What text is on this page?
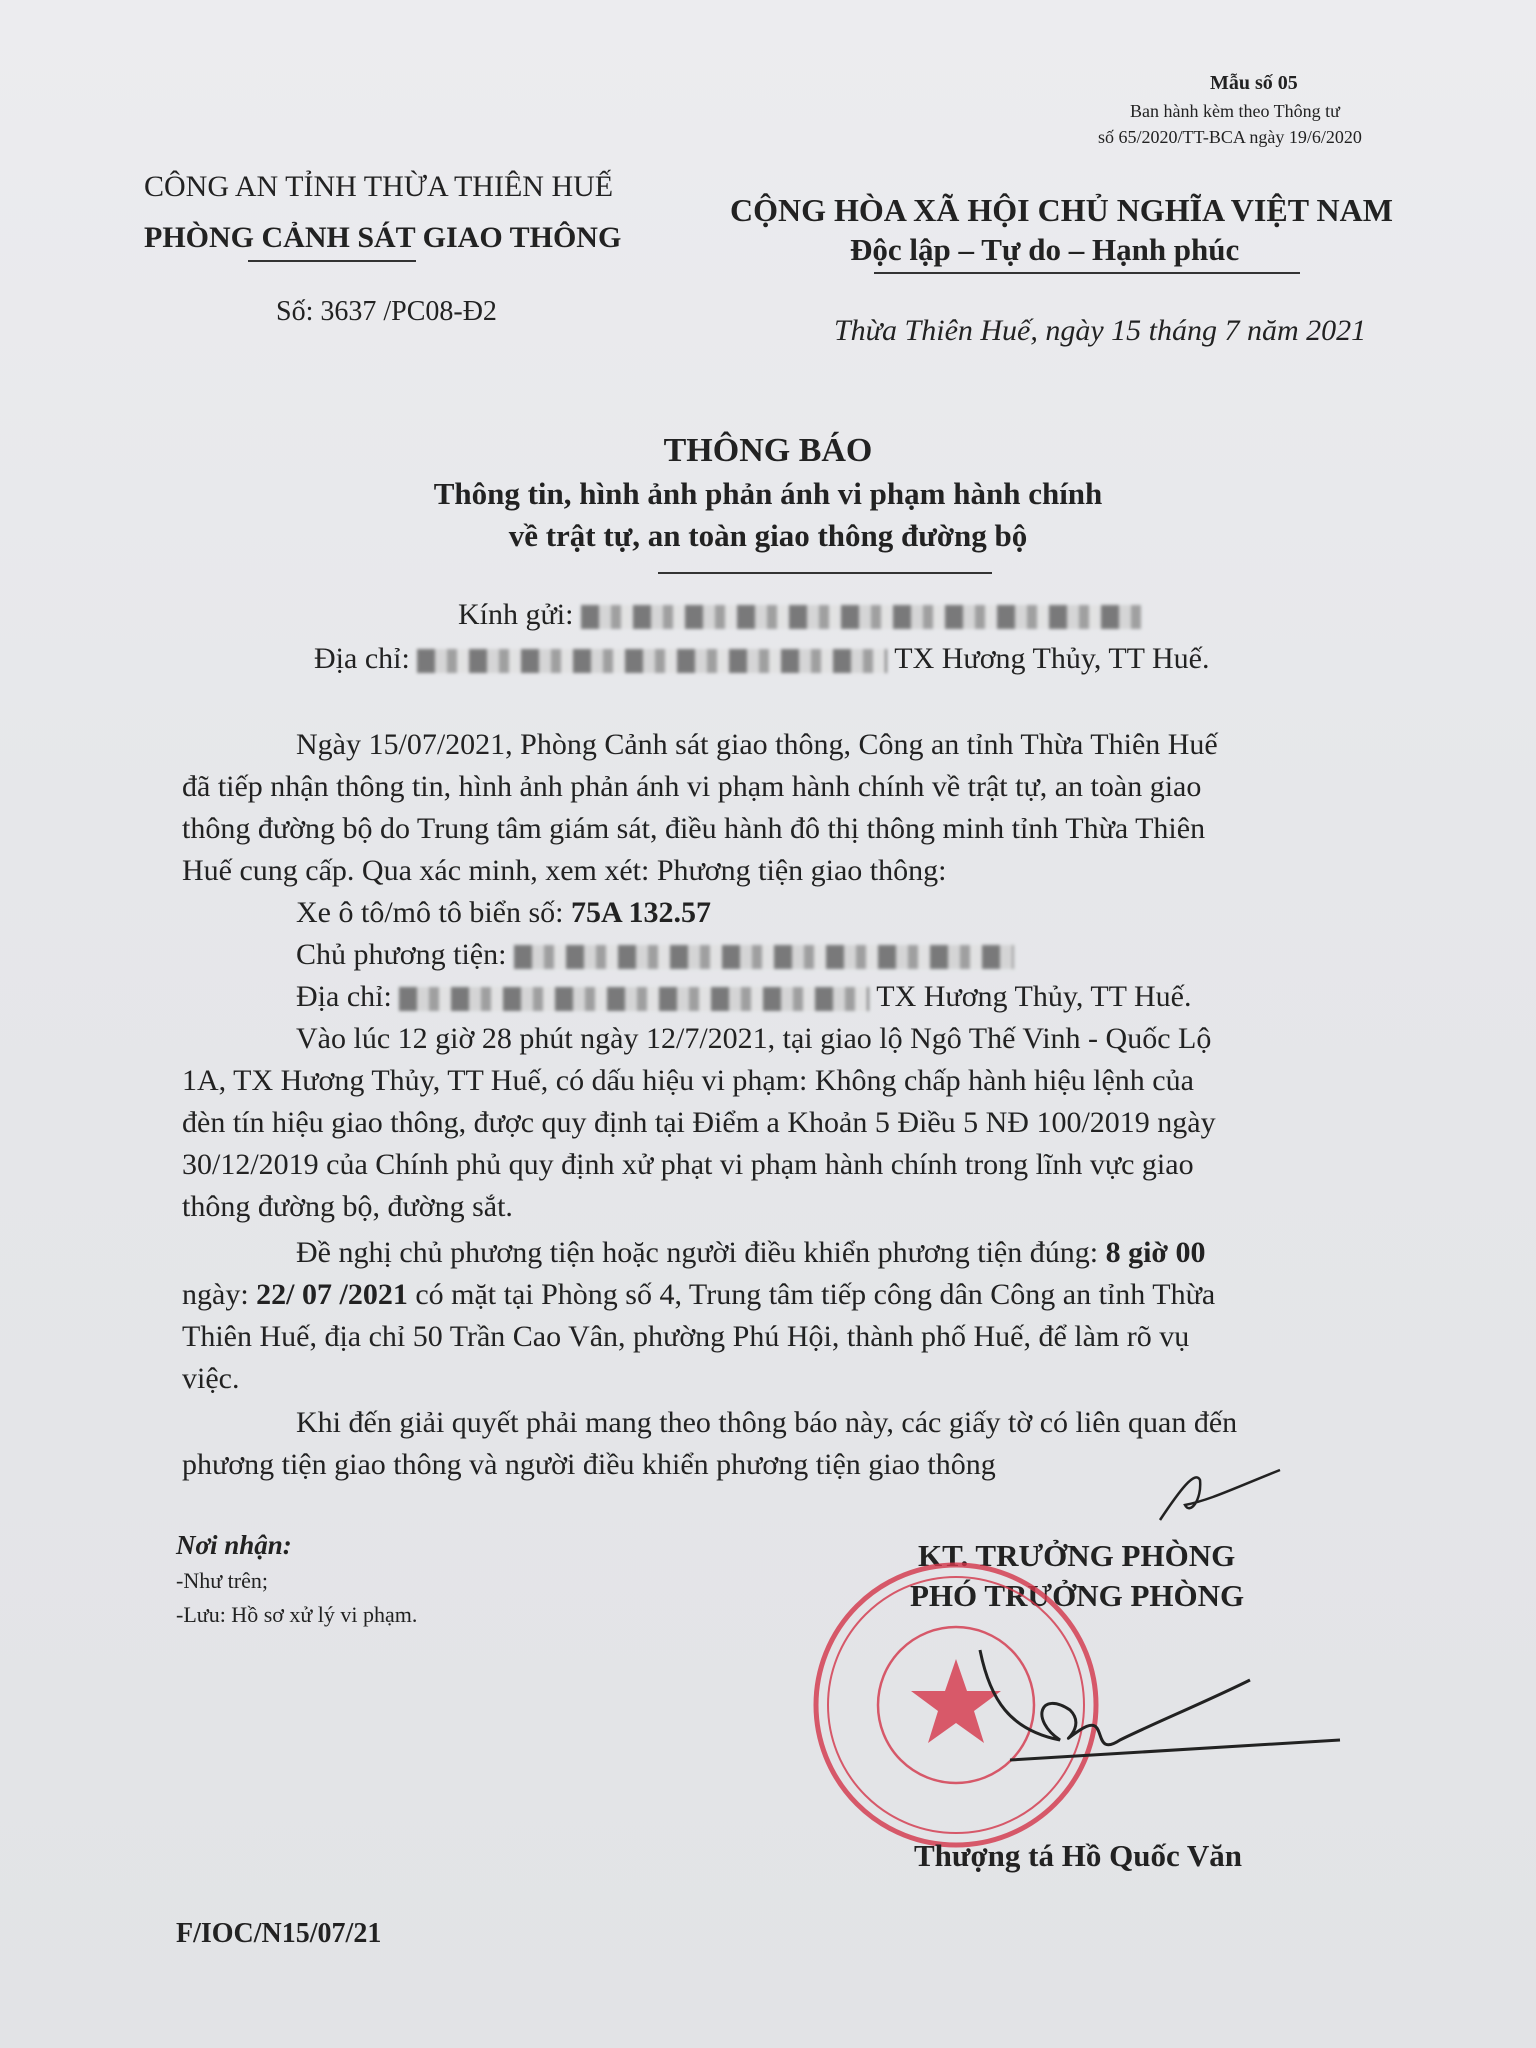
Mẫu số 05
Ban hành kèm theo Thông tư
số 65/2020/TT-BCA ngày 19/6/2020
CÔNG AN TỈNH THỪA THIÊN HUẾ
PHÒNG CẢNH SÁT GIAO THÔNG
Số: 3637 /PC08-Đ2
CỘNG HÒA XÃ HỘI CHỦ NGHĨA VIỆT NAM
Độc lập – Tự do – Hạnh phúc
Thừa Thiên Huế, ngày 15 tháng 7 năm 2021
THÔNG BÁO
Thông tin, hình ảnh phản ánh vi phạm hành chính
về trật tự, an toàn giao thông đường bộ
Kính gửi:
Địa chỉ:	TX Hương Thủy, TT Huế.
Ngày 15/07/2021, Phòng Cảnh sát giao thông, Công an tỉnh Thừa Thiên Huế
đã tiếp nhận thông tin, hình ảnh phản ánh vi phạm hành chính về trật tự, an toàn giao
thông đường bộ do Trung tâm giám sát, điều hành đô thị thông minh tỉnh Thừa Thiên
Huế cung cấp. Qua xác minh, xem xét: Phương tiện giao thông:
Xe ô tô/mô tô biển số: 75A 132.57
Chủ phương tiện:
Địa chỉ:	TX Hương Thủy, TT Huế.
Vào lúc 12 giờ 28 phút ngày 12/7/2021, tại giao lộ Ngô Thế Vinh - Quốc Lộ
1A, TX Hương Thủy, TT Huế, có dấu hiệu vi phạm: Không chấp hành hiệu lệnh của
đèn tín hiệu giao thông, được quy định tại Điểm a Khoản 5 Điều 5 NĐ 100/2019 ngày
30/12/2019 của Chính phủ quy định xử phạt vi phạm hành chính trong lĩnh vực giao
thông đường bộ, đường sắt.
Đề nghị chủ phương tiện hoặc người điều khiển phương tiện đúng: 8 giờ 00
ngày: 22/ 07 /2021 có mặt tại Phòng số 4, Trung tâm tiếp công dân Công an tỉnh Thừa
Thiên Huế, địa chỉ 50 Trần Cao Vân, phường Phú Hội, thành phố Huế, để làm rõ vụ
việc.
Khi đến giải quyết phải mang theo thông báo này, các giấy tờ có liên quan đến
phương tiện giao thông và người điều khiển phương tiện giao thông
Nơi nhận:
-Như trên;
-Lưu: Hồ sơ xử lý vi phạm.
KT. TRƯỞNG PHÒNG
PHÓ TRƯỞNG PHÒNG
Thượng tá Hồ Quốc Văn
F/IOC/N15/07/21
